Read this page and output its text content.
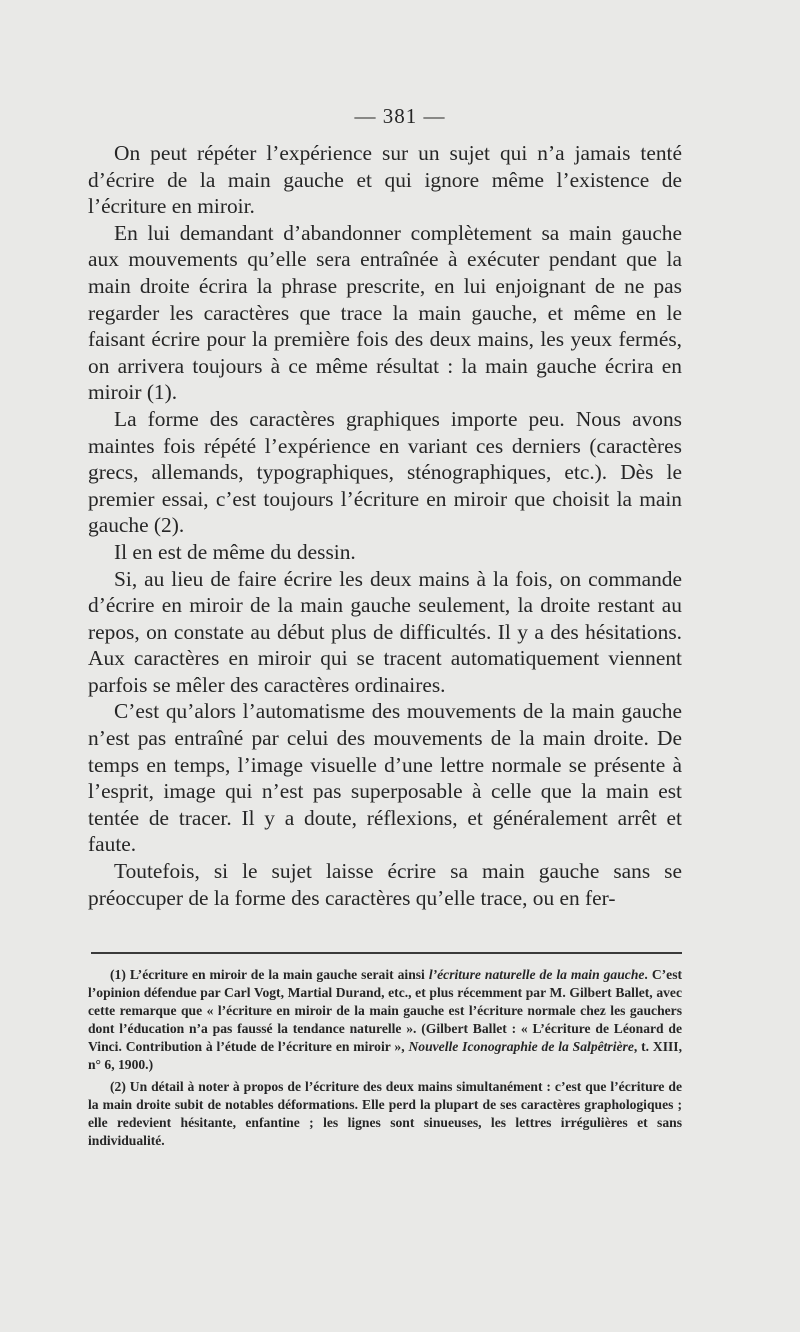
— 381 —

On peut répéter l’expérience sur un sujet qui n’a jamais tenté d’écrire de la main gauche et qui ignore même l’existence de l’écriture en miroir.

En lui demandant d’abandonner complètement sa main gauche aux mouvements qu’elle sera entraînée à exécuter pendant que la main droite écrira la phrase prescrite, en lui enjoignant de ne pas regarder les caractères que trace la main gauche, et même en le faisant écrire pour la première fois des deux mains, les yeux fermés, on arrivera toujours à ce même résultat : la main gauche écrira en miroir (1).

La forme des caractères graphiques importe peu. Nous avons maintes fois répété l’expérience en variant ces derniers (caractères grecs, allemands, typographiques, sténographiques, etc.). Dès le premier essai, c’est toujours l’écriture en miroir que choisit la main gauche (2).

Il en est de même du dessin.

Si, au lieu de faire écrire les deux mains à la fois, on commande d’écrire en miroir de la main gauche seulement, la droite restant au repos, on constate au début plus de difficultés. Il y a des hésitations. Aux caractères en miroir qui se tracent automatiquement viennent parfois se mêler des caractères ordinaires.

C’est qu’alors l’automatisme des mouvements de la main gauche n’est pas entraîné par celui des mouvements de la main droite. De temps en temps, l’image visuelle d’une lettre normale se présente à l’esprit, image qui n’est pas superposable à celle que la main est tentée de tracer. Il y a doute, réflexions, et généralement arrêt et faute.

Toutefois, si le sujet laisse écrire sa main gauche sans se préoccuper de la forme des caractères qu’elle trace, ou en fer-

(1) L’écriture en miroir de la main gauche serait ainsi l’écriture naturelle de la main gauche. C’est l’opinion défendue par Carl Vogt, Martial Durand, etc., et plus récemment par M. Gilbert Ballet, avec cette remarque que « l’écriture en miroir de la main gauche est l’écriture normale chez les gauchers dont l’éducation n’a pas faussé la tendance naturelle ». (Gilbert Ballet : « L’écriture de Léonard de Vinci. Contribution à l’étude de l’écriture en miroir », Nouvelle Iconographie de la Salpêtrière, t. XIII, n° 6, 1900.)

(2) Un détail à noter à propos de l’écriture des deux mains simultanément : c’est que l’écriture de la main droite subit de notables déformations. Elle perd la plupart de ses caractères graphologiques ; elle redevient hésitante, enfantine ; les lignes sont sinueuses, les lettres irrégulières et sans individualité.
